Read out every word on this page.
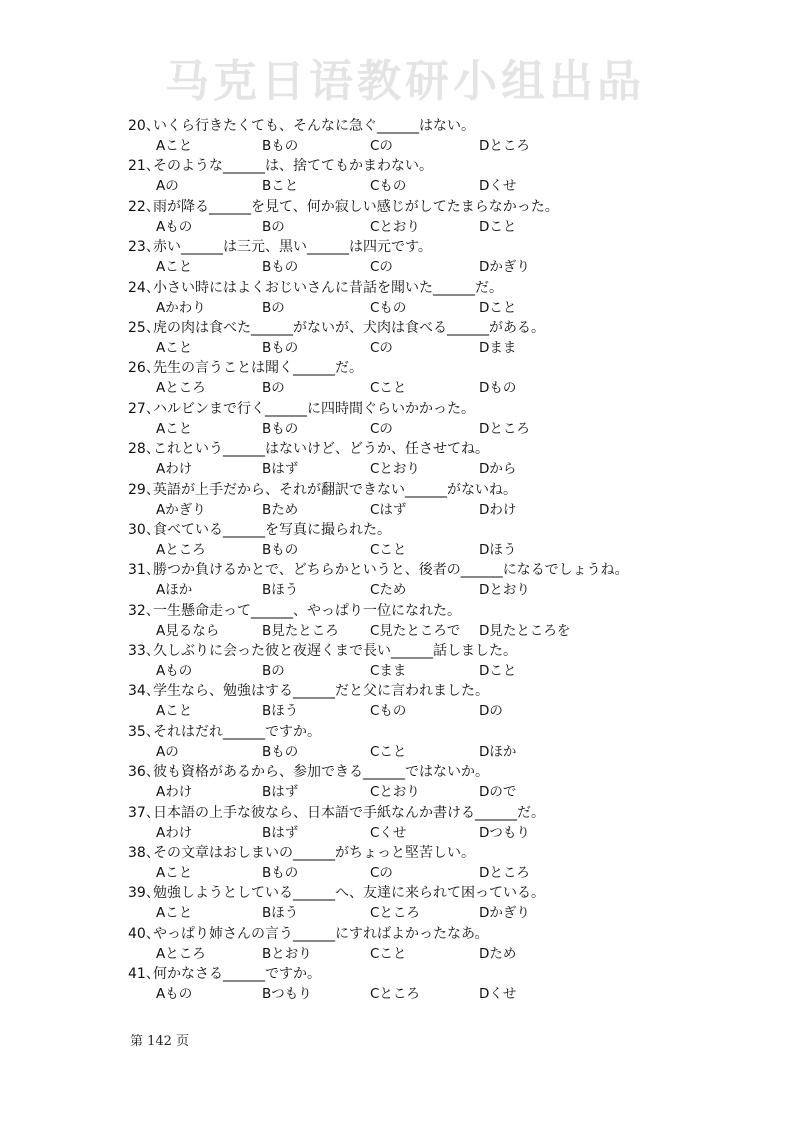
马克日语教研小组出品
20、いくら行きたくても、そんなに急ぐ______はない。
Aこと	Bもの	Cの	Dところ
21、そのような______は、捨ててもかまわない。
Aの	Bこと	Cもの	Dくせ
22、雨が降る______を見て、何か寂しい感じがしてたまらなかった。
Aもの	Bの	Cとおり	Dこと
23、赤い______は三元、黒い______は四元です。
Aこと	Bもの	Cの	Dかぎり
24、小さい時にはよくおじいさんに昔話を聞いた______だ。
Aかわり	Bの	Cもの	Dこと
25、虎の肉は食べた______がないが、犬肉は食べる______がある。
Aこと	Bもの	Cの	Dまま
26、先生の言うことは聞く______だ。
Aところ	Bの	Cこと	Dもの
27、ハルビンまで行く______に四時間ぐらいかかった。
Aこと	Bもの	Cの	Dところ
28、これという______はないけど、どうか、任させてね。
Aわけ	Bはず	Cとおり	Dから
29、英語が上手だから、それが翻訳できない______がないね。
Aかぎり	Bため	Cはず	Dわけ
30、食べている______を写真に撮られた。
Aところ	Bもの	Cこと	Dほう
31、勝つか負けるかとで、どちらかというと、後者の______になるでしょうね。
Aほか	Bほう	Cため	Dとおり
32、一生懸命走って______、やっぱり一位になれた。
A見るなら	B見たところ C見たところで D見たところを
33、久しぶりに会った彼と夜遅くまで長い______話しました。
Aもの	Bの	Cまま	Dこと
34、学生なら、勉強はする______だと父に言われました。
Aこと	Bほう	Cもの	Dの
35、それはだれ______ですか。
Aの	Bもの	Cこと	Dほか
36、彼も資格があるから、参加できる______ではないか。
Aわけ	Bはず	Cとおり	Dので
37、日本語の上手な彼なら、日本語で手紙なんか書ける______だ。
Aわけ	Bはず	Cくせ	Dつもり
38、その文章はおしまいの______がちょっと堅苦しい。
Aこと	Bもの	Cの	Dところ
39、勉強しようとしている______へ、友達に来られて困っている。
Aこと	Bほう	Cところ	Dかぎり
40、やっぱり姉さんの言う______にすればよかったなあ。
Aところ	Bとおり	Cこと	Dため
41、何かなさる______ですか。
Aもの	Bつもり	Cところ	Dくせ
第 142 页
